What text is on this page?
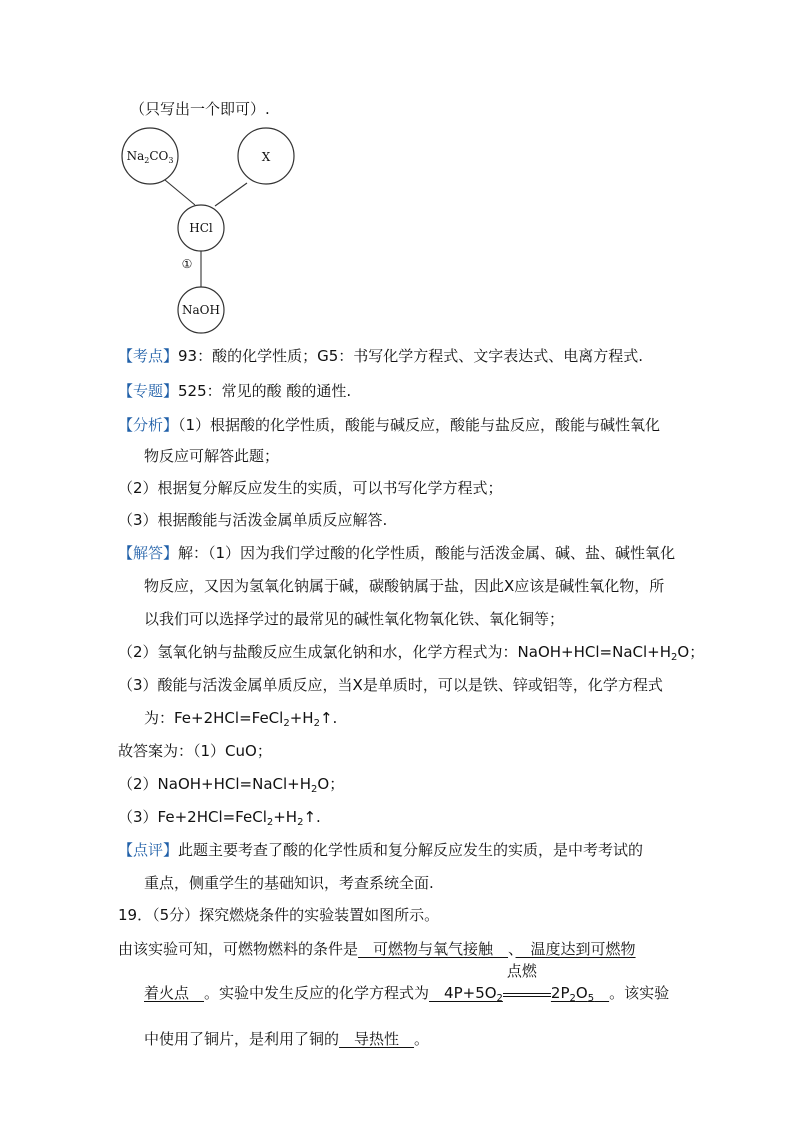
（只写出一个即可）.
$Na_2CO_3$	X
HCl
①
NaOH
【考点】93：酸的化学性质；G5：书写化学方程式、文字表达式、电离方程式.
【专题】525：常见的酸 酸的通性.
【分析】（1）根据酸的化学性质，酸能与碱反应，酸能与盐反应，酸能与碱性氧化
物反应可解答此题；
（2）根据复分解反应发生的实质，可以书写化学方程式；
（3）根据酸能与活泼金属单质反应解答.
【解答】解：（1）因为我们学过酸的化学性质，酸能与活泼金属、碱、盐、碱性氧化
物反应，又因为氢氧化钠属于碱，碳酸钠属于盐，因此X应该是碱性氧化物，所
以我们可以选择学过的最常见的碱性氧化物氧化铁、氧化铜等；
（2）氢氧化钠与盐酸反应生成氯化钠和水，化学方程式为：$NaOH+HCl=NaCl+H_2O$；
（3）酸能与活泼金属单质反应，当X是单质时，可以是铁、锌或铝等，化学方程式
为：$Fe+2HCl=FeCl_2+H_2↑$.
故答案为：（1）CuO；
$(2)NaOH+HCl=NaCl+H_2O$；
$(3)Fe+2HCl=FeCl_2+H_2↑$.
【点评】此题主要考查了酸的化学性质和复分解反应发生的实质，是中考考试的
重点，侧重学生的基础知识，考查系统全面.
19．（5分）探究燃烧条件的实验装置如图所示。
由该实验可知，可燃物燃料的条件是　可燃物与氧气接触　、　温度达到可燃物
着火点　。实验中发生反应的化学方程式为　$4P+5O_2$
点燃
$2P_2O_5$　 。该实验
中使用了铜片，是利用了铜的　导热性　。
